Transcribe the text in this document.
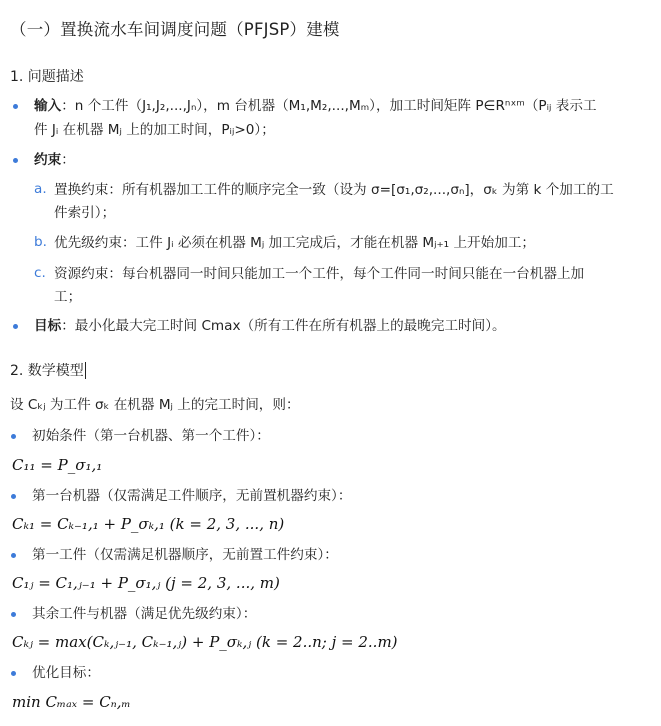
（一）置换流水车间调度问题（PFJSP）建模
1. 问题描述
输入：n 个工件（J₁,J₂,...,Jₙ），m 台机器（M₁,M₂,...,Mₘ），加工时间矩阵 P∈Rⁿˣᵐ（Pᵢⱼ 表示工
件 Jᵢ 在机器 Mⱼ 上的加工时间，Pᵢⱼ>0）；
约束：
a. 置换约束：所有机器加工工件的顺序完全一致（设为 σ=[σ₁,σ₂,...,σₙ]，σₖ 为第 k 个加工的工
件索引）；
b. 优先级约束：工件 Jᵢ 必须在机器 Mⱼ 加工完成后，才能在机器 Mⱼ₊₁ 上开始加工；
c. 资源约束：每台机器同一时间只能加工一个工件，每个工件同一时间只能在一台机器上加
工；
目标：最小化最大完工时间 Cmax（所有工件在所有机器上的最晚完工时间）。
2. 数学模型
设 Cₖⱼ 为工件 σₖ 在机器 Mⱼ 上的完工时间，则：
初始条件（第一台机器、第一个工件）：
C₁₁ = P_σ₁,₁
第一台机器（仅需满足工件顺序，无前置机器约束）：
Cₖ₁ = Cₖ₋₁,₁ + P_σₖ,₁ (k = 2, 3, ..., n)
第一工件（仅需满足机器顺序，无前置工件约束）：
C₁ⱼ = C₁,ⱼ₋₁ + P_σ₁,ⱼ (j = 2, 3, ..., m)
其余工件与机器（满足优先级约束）：
Cₖⱼ = max(Cₖ,ⱼ₋₁, Cₖ₋₁,ⱼ) + P_σₖ,ⱼ (k = 2..n; j = 2..m)
优化目标：
min Cₘₐₓ = Cₙ,ₘ
